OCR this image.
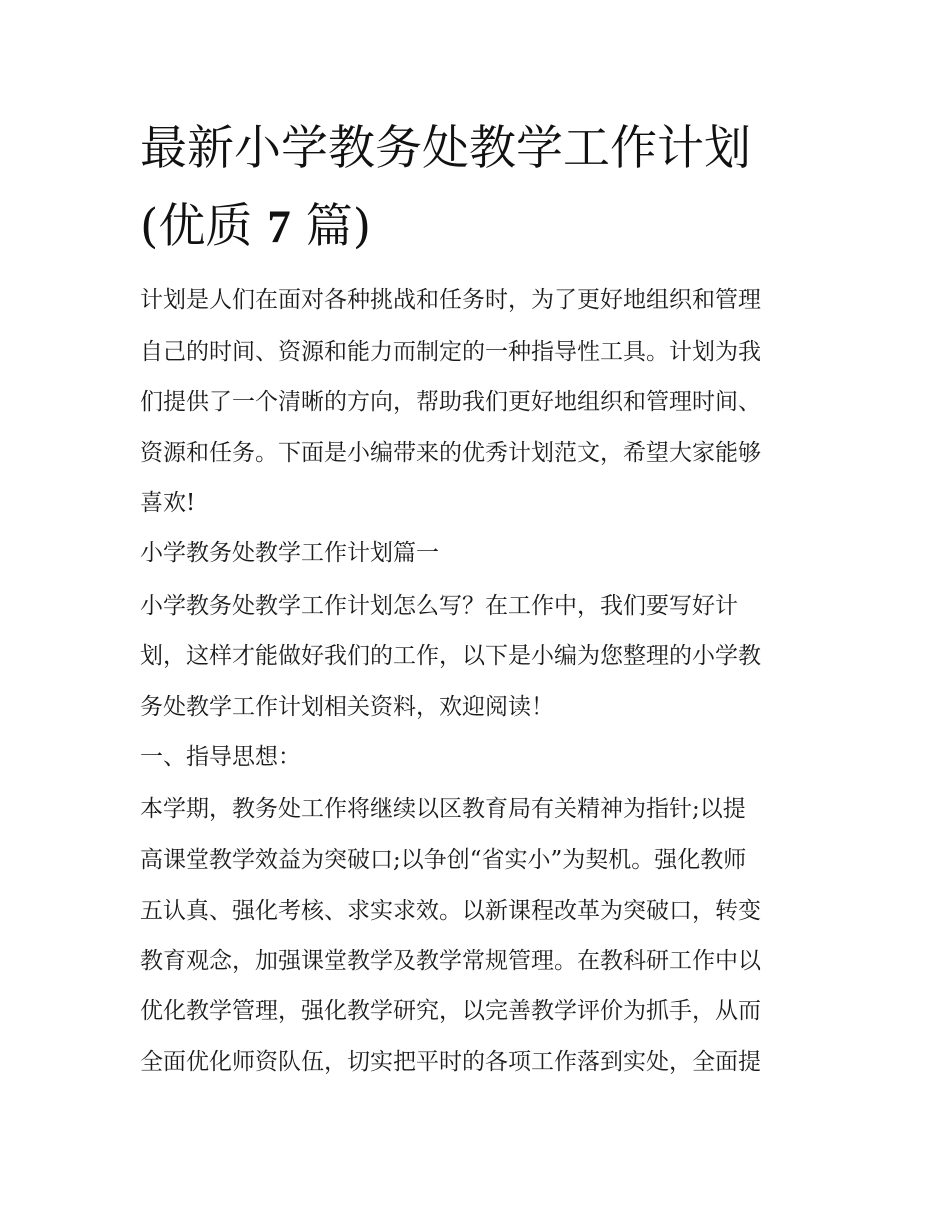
最新小学教务处教学工作计划
(优质 7 篇)

计划是人们在面对各种挑战和任务时，为了更好地组织和管理

自己的时间、资源和能力而制定的一种指导性工具。计划为我

们提供了一个清晰的方向，帮助我们更好地组织和管理时间、

资源和任务。下面是小编带来的优秀计划范文，希望大家能够

喜欢!

小学教务处教学工作计划篇一

小学教务处教学工作计划怎么写？在工作中，我们要写好计

划，这样才能做好我们的工作，以下是小编为您整理的小学教

务处教学工作计划相关资料，欢迎阅读！

一、指导思想：

本学期，教务处工作将继续以区教育局有关精神为指针;以提

高课堂教学效益为突破口;以争创“省实小”为契机。强化教师

五认真、强化考核、求实求效。以新课程改革为突破口，转变

教育观念，加强课堂教学及教学常规管理。在教科研工作中以

优化教学管理，强化教学研究，以完善教学评价为抓手，从而

全面优化师资队伍，切实把平时的各项工作落到实处，全面提
